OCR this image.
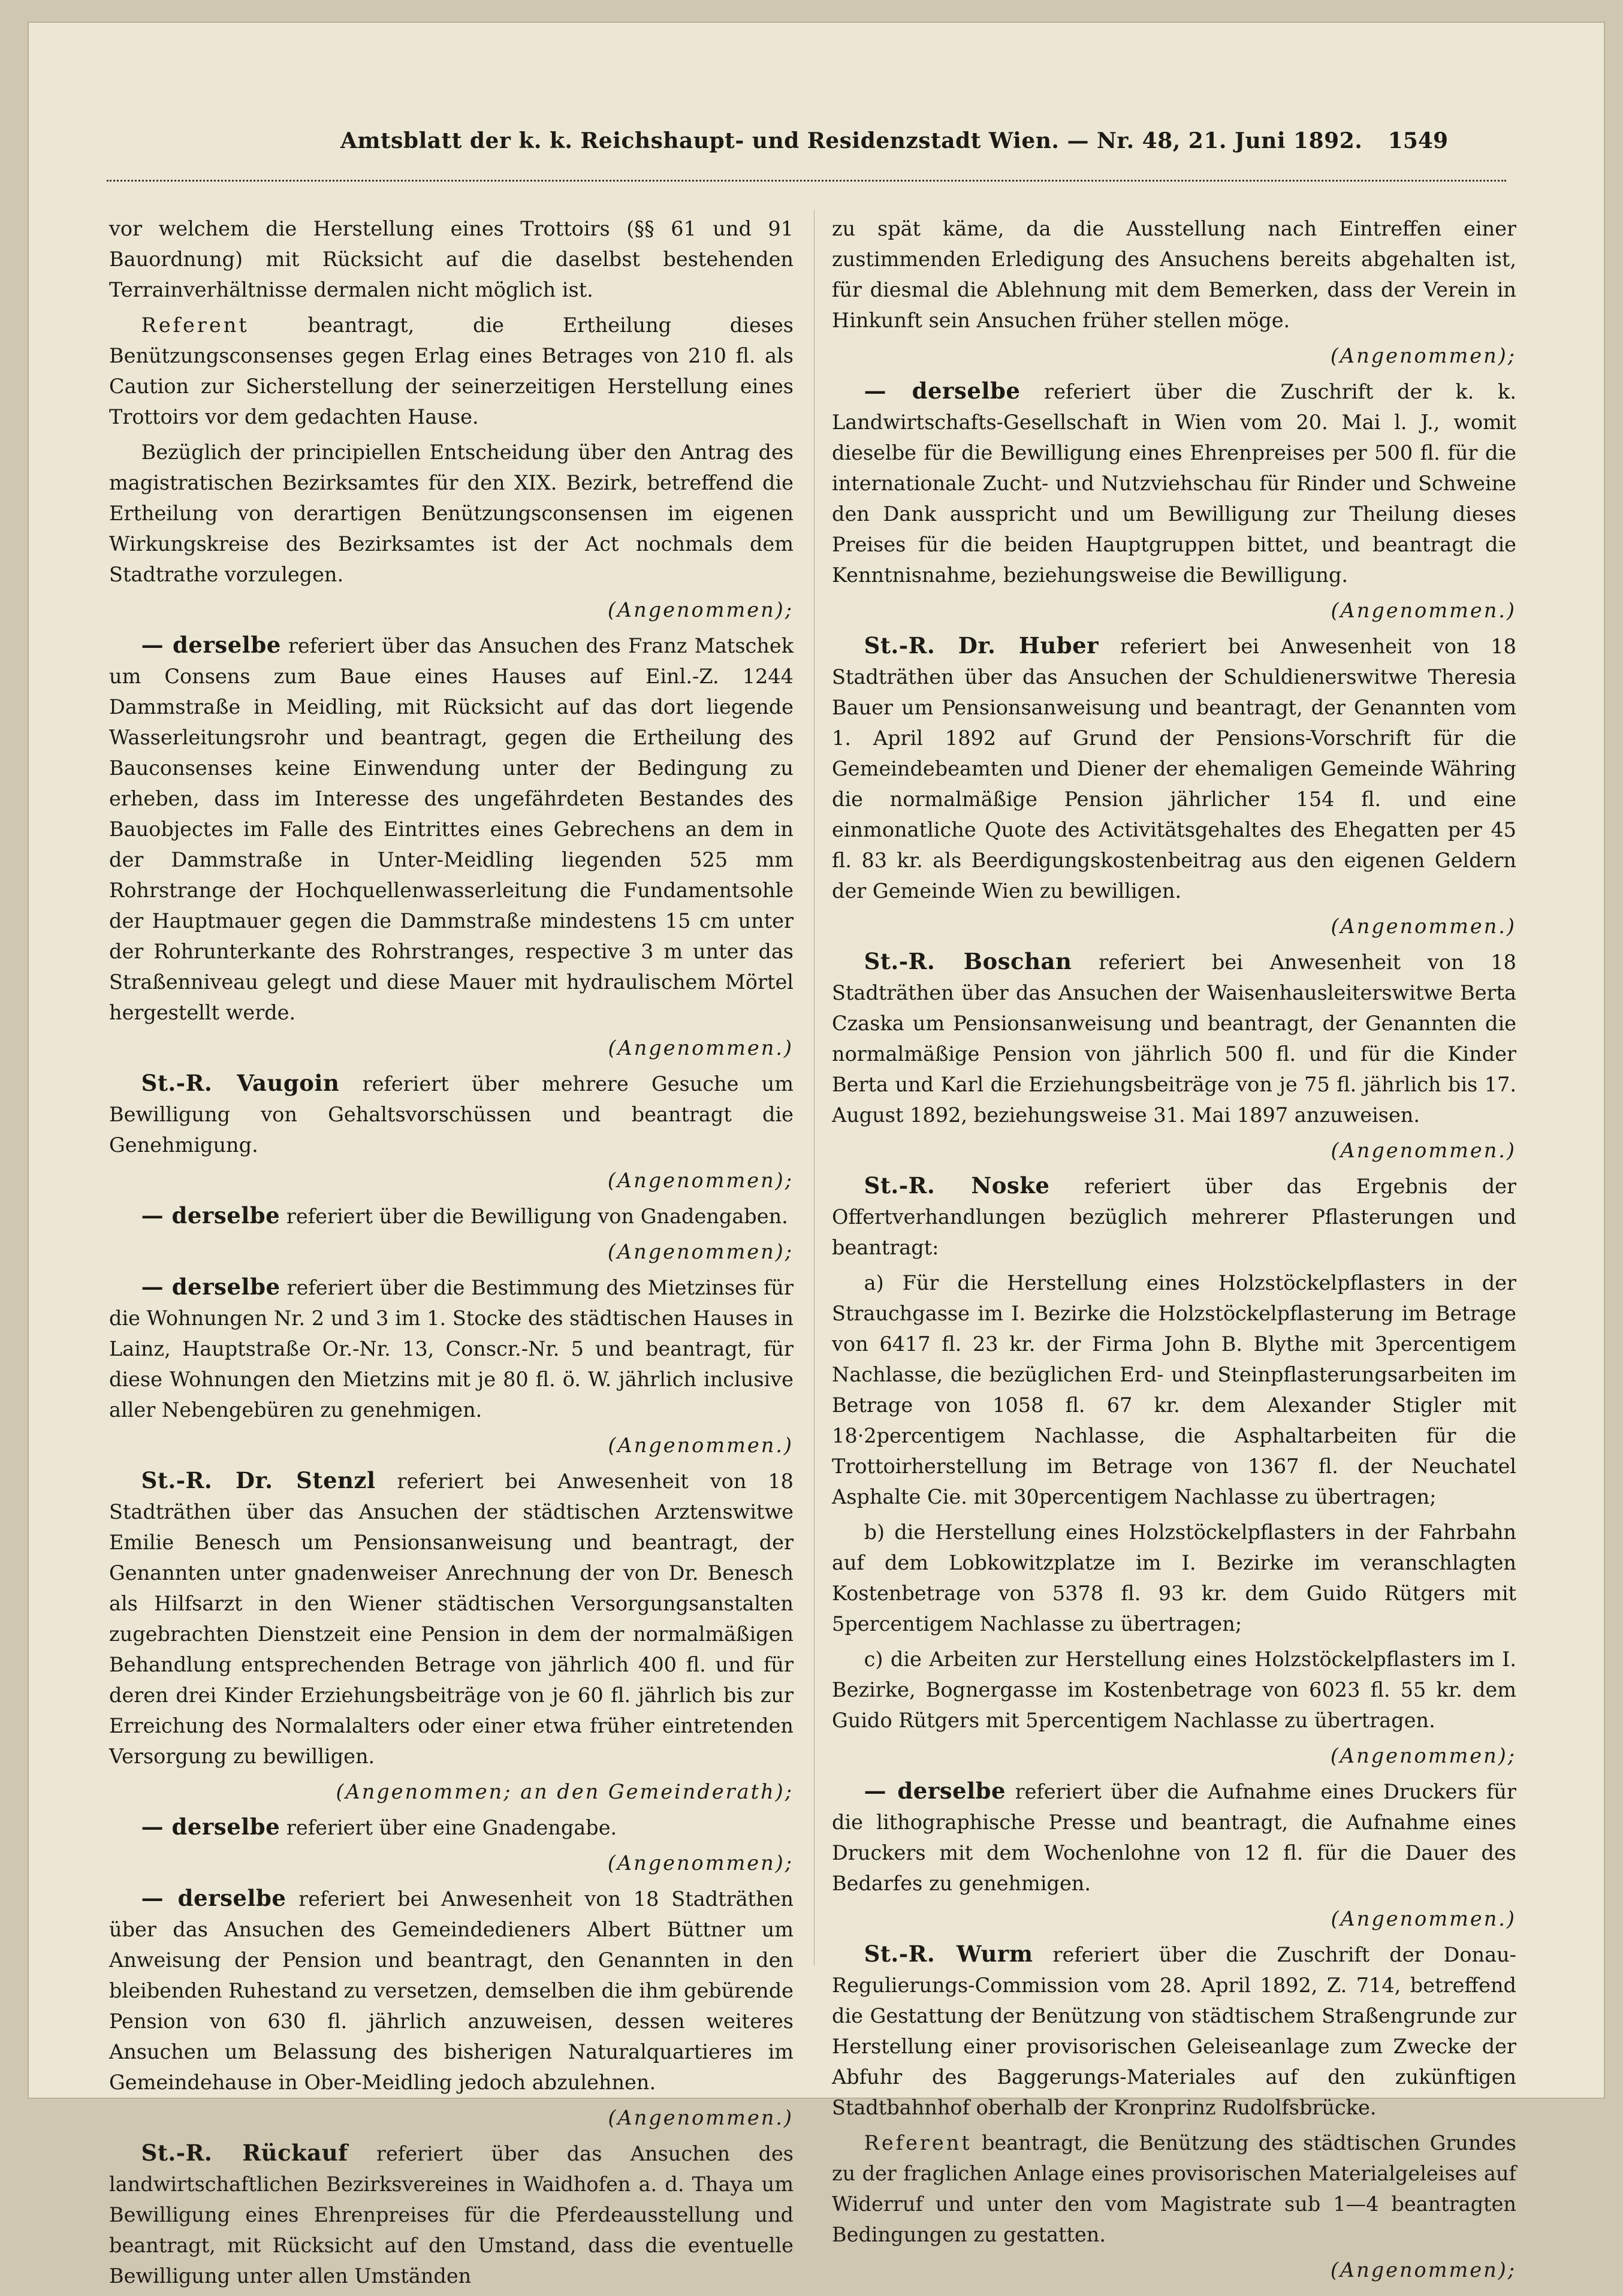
Amtsblatt der k. k. Reichshaupt- und Residenzstadt Wien. — Nr. 48, 21. Juni 1892.	1549

vor welchem die Herstellung eines Trottoirs (§§ 61 und 91 Bauordnung) mit Rücksicht auf die daselbst bestehenden Terrainverhältnisse dermalen nicht möglich ist.

Referent	beantragt, die Ertheilung dieses Benützungsconsenses gegen Erlag eines Betrages von 210 fl. als Caution zur Sicherstellung der seinerzeitigen Herstellung eines Trottoirs vor dem gedachten Hause.

Bezüglich der principiellen Entscheidung über den Antrag des magistratischen Bezirksamtes für den XIX. Bezirk, betreffend die Ertheilung von derartigen Benützungsconsensen im eigenen Wirkungskreise des Bezirksamtes ist der Act nochmals dem Stadtrathe vorzulegen.

(Angenommen);

— derselbe referiert über das Ansuchen des Franz Matschek um Consens zum Baue eines Hauses auf Einl.-Z. 1244 Dammstraße in Meidling, mit Rücksicht auf das dort liegende Wasserleitungsrohr und beantragt, gegen die Ertheilung des Bauconsenses keine Einwendung unter der Bedingung zu erheben, dass im Interesse des ungefährdeten Bestandes des Bauobjectes im Falle des Eintrittes eines Gebrechens an dem in der Dammstraße in Unter-Meidling liegenden 525 mm Rohrstrange der Hochquellenwasserleitung die Fundamentsohle der Hauptmauer gegen die Dammstraße mindestens 15 cm unter der Rohrunterkante des Rohrstranges, respective 3 m unter das Straßenniveau gelegt und diese Mauer mit hydraulischem Mörtel hergestellt werde.

(Angenommen.)

St.-R. Vaugoin referiert über mehrere Gesuche um Bewilligung von Gehaltsvorschüssen und beantragt die Genehmigung.

(Angenommen);

— derselbe referiert über die Bewilligung von Gnadengaben.

(Angenommen);

— derselbe referiert über die Bestimmung des Mietzinses für die Wohnungen Nr. 2 und 3 im 1. Stocke des städtischen Hauses in Lainz, Hauptstraße Or.-Nr. 13, Conscr.-Nr. 5 und beantragt, für diese Wohnungen den Mietzins mit je 80 fl. ö. W. jährlich inclusive aller Nebengebüren zu genehmigen.

(Angenommen.)

St.-R. Dr. Stenzl referiert bei Anwesenheit von 18 Stadträthen über das Ansuchen der städtischen Arztenswitwe Emilie Benesch um Pensionsanweisung und beantragt, der Genannten unter gnadenweiser Anrechnung der von Dr. Benesch als Hilfsarzt in den Wiener städtischen Versorgungsanstalten zugebrachten Dienstzeit eine Pension in dem der normalmäßigen Behandlung entsprechenden Betrage von jährlich 400 fl. und für deren drei Kinder Erziehungsbeiträge von je 60 fl. jährlich bis zur Erreichung des Normalalters oder einer etwa früher eintretenden Versorgung zu bewilligen.

(Angenommen; an den Gemeinderath);

— derselbe referiert über eine Gnadengabe.

(Angenommen);

— derselbe referiert bei Anwesenheit von 18 Stadträthen über das Ansuchen des Gemeindedieners Albert Büttner um Anweisung der Pension und beantragt, den Genannten in den bleibenden Ruhestand zu versetzen, demselben die ihm gebürende Pension von 630 fl. jährlich anzuweisen, dessen weiteres Ansuchen um Belassung des bisherigen Naturalquartieres im Gemeindehause in Ober-Meidling jedoch abzulehnen.

(Angenommen.)

St.-R. Rückauf referiert über das Ansuchen des landwirtschaftlichen Bezirksvereines in Waidhofen a. d. Thaya um Bewilligung eines Ehrenpreises für die Pferdeausstellung und beantragt, mit Rücksicht auf den Umstand, dass die eventuelle Bewilligung unter allen Umständen

zu spät käme, da die Ausstellung nach Eintreffen einer zustimmenden Erledigung des Ansuchens bereits abgehalten ist, für diesmal die Ablehnung mit dem Bemerken, dass der Verein in Hinkunft sein Ansuchen früher stellen möge.

(Angenommen);

— derselbe referiert über die Zuschrift der k. k. Landwirtschafts-Gesellschaft in Wien vom 20. Mai l. J., womit dieselbe für die Bewilligung eines Ehrenpreises per 500 fl. für die internationale Zucht- und Nutzviehschau für Rinder und Schweine den Dank ausspricht und um Bewilligung zur Theilung dieses Preises für die beiden Hauptgruppen bittet, und beantragt die Kenntnisnahme, beziehungsweise die Bewilligung.

(Angenommen.)

St.-R. Dr. Huber referiert bei Anwesenheit von 18 Stadträthen über das Ansuchen der Schuldienerswitwe Theresia Bauer um Pensionsanweisung und beantragt, der Genannten vom 1. April 1892 auf Grund der Pensions-Vorschrift für die Gemeindebeamten und Diener der ehemaligen Gemeinde Währing die normalmäßige Pension jährlicher 154 fl. und eine einmonatliche Quote des Activitätsgehaltes des Ehegatten per 45 fl. 83 kr. als Beerdigungskostenbeitrag aus den eigenen Geldern der Gemeinde Wien zu bewilligen.

(Angenommen.)

St.-R. Boschan referiert bei Anwesenheit von 18 Stadträthen über das Ansuchen der Waisenhausleiterswitwe Berta Czaska um Pensionsanweisung und beantragt, der Genannten die normalmäßige Pension von jährlich 500 fl. und für die Kinder Berta und Karl die Erziehungsbeiträge von je 75 fl. jährlich bis 17. August 1892, beziehungsweise 31. Mai 1897 anzuweisen.

(Angenommen.)

St.-R. Noske referiert über das Ergebnis der Offertverhandlungen bezüglich mehrerer Pflasterungen und beantragt:

a) Für die Herstellung eines Holzstöckelpflasters in der Strauchgasse im I. Bezirke die Holzstöckelpflasterung im Betrage von 6417 fl. 23 kr. der Firma John B. Blythe mit 3percentigem Nachlasse, die bezüglichen Erd- und Steinpflasterungsarbeiten im Betrage von 1058 fl. 67 kr. dem Alexander Stigler mit 18·2percentigem Nachlasse, die Asphaltarbeiten für die Trottoirherstellung im Betrage von 1367 fl. der Neuchatel Asphalte Cie. mit 30percentigem Nachlasse zu übertragen;

b) die Herstellung eines Holzstöckelpflasters in der Fahrbahn auf dem Lobkowitzplatze im I. Bezirke im veranschlagten Kostenbetrage von 5378 fl. 93 kr. dem Guido Rütgers mit 5percentigem Nachlasse zu übertragen;

c) die Arbeiten zur Herstellung eines Holzstöckelpflasters im I. Bezirke, Bognergasse im Kostenbetrage von 6023 fl. 55 kr. dem Guido Rütgers mit 5percentigem Nachlasse zu übertragen.

(Angenommen);

— derselbe referiert über die Aufnahme eines Druckers für die lithographische Presse und beantragt, die Aufnahme eines Druckers mit dem Wochenlohne von 12 fl. für die Dauer des Bedarfes zu genehmigen.

(Angenommen.)

St.-R. Wurm referiert über die Zuschrift der Donau-Regulierungs-Commission vom 28. April 1892, Z. 714, betreffend die Gestattung der Benützung von städtischem Straßengrunde zur Herstellung einer provisorischen Geleiseanlage zum Zwecke der Abfuhr des Baggerungs-Materiales auf den zukünftigen Stadtbahnhof oberhalb der Kronprinz Rudolfsbrücke.

Referent beantragt, die Benützung des städtischen Grundes zu der fraglichen Anlage eines provisorischen Materialgeleises auf Widerruf und unter den vom Magistrate sub 1—4 beantragten Bedingungen zu gestatten.

(Angenommen);
